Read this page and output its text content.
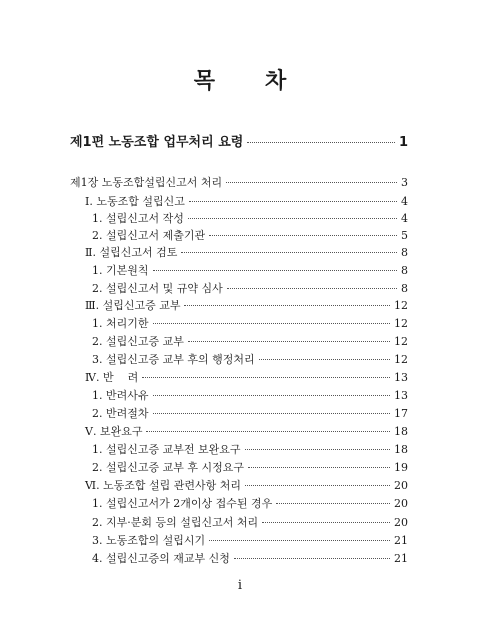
목 차
제1편 노동조합 업무처리 요령	1
제1장 노동조합설립신고서 처리	3
Ⅰ. 노동조합 설립신고	4
1. 설립신고서 작성	4
2. 설립신고서 제출기관	5
Ⅱ. 설립신고서 검토	8
1. 기본원칙	8
2. 설립신고서 및 규약 심사	8
Ⅲ. 설립신고증 교부	12
1. 처리기한	12
2. 설립신고증 교부	12
3. 설립신고증 교부 후의 행정처리	12
Ⅳ. 반    려	13
1. 반려사유	13
2. 반려절차	17
Ⅴ. 보완요구	18
1. 설립신고증 교부전 보완요구	18
2. 설립신고증 교부 후 시정요구	19
Ⅵ. 노동조합 설립 관련사항 처리	20
1. 설립신고서가 2개이상 접수된 경우	20
2. 지부·분회 등의 설립신고서 처리	20
3. 노동조합의 설립시기	21
4. 설립신고증의 재교부 신청	21
i
